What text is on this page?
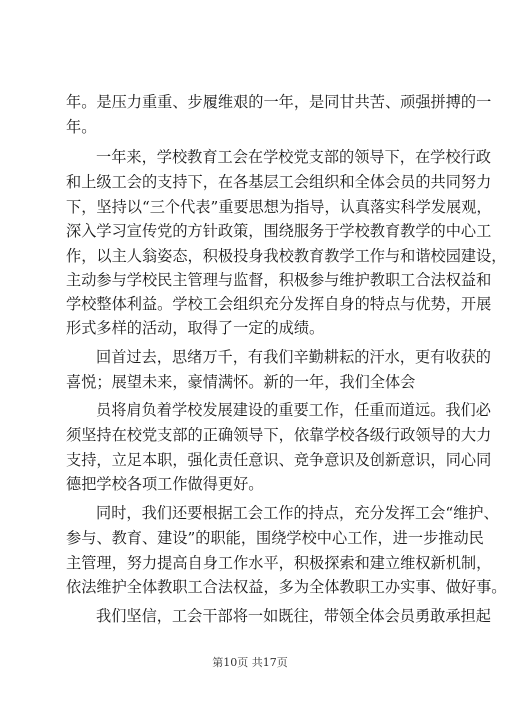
年。是压力重重、步履维艰的一年，是同甘共苦、顽强拼搏的一
年。
一年来，学校教育工会在学校党支部的领导下，在学校行政
和上级工会的支持下，在各基层工会组织和全体会员的共同努力
下，坚持以“三个代表”重要思想为指导，认真落实科学发展观，
深入学习宣传党的方针政策，围绕服务于学校教育教学的中心工
作，以主人翁姿态，积极投身我校教育教学工作与和谐校园建设，
主动参与学校民主管理与监督，积极参与维护教职工合法权益和
学校整体利益。学校工会组织充分发挥自身的特点与优势，开展
形式多样的活动，取得了一定的成绩。
回首过去，思绪万千，有我们辛勤耕耘的汗水，更有收获的
喜悦；展望未来，豪情满怀。新的一年，我们全体会
员将肩负着学校发展建设的重要工作，任重而道远。我们必
须坚持在校党支部的正确领导下，依靠学校各级行政领导的大力
支持，立足本职，强化责任意识、竞争意识及创新意识，同心同
德把学校各项工作做得更好。
同时，我们还要根据工会工作的持点，充分发挥工会“维护、
参与、教育、建设”的职能，围绕学校中心工作，进一步推动民
主管理，努力提高自身工作水平，积极探索和建立维权新机制，
依法维护全体教职工合法权益，多为全体教职工办实事、做好事。
我们坚信，工会干部将一如既往，带领全体会员勇敢承担起
第10页 共17页
